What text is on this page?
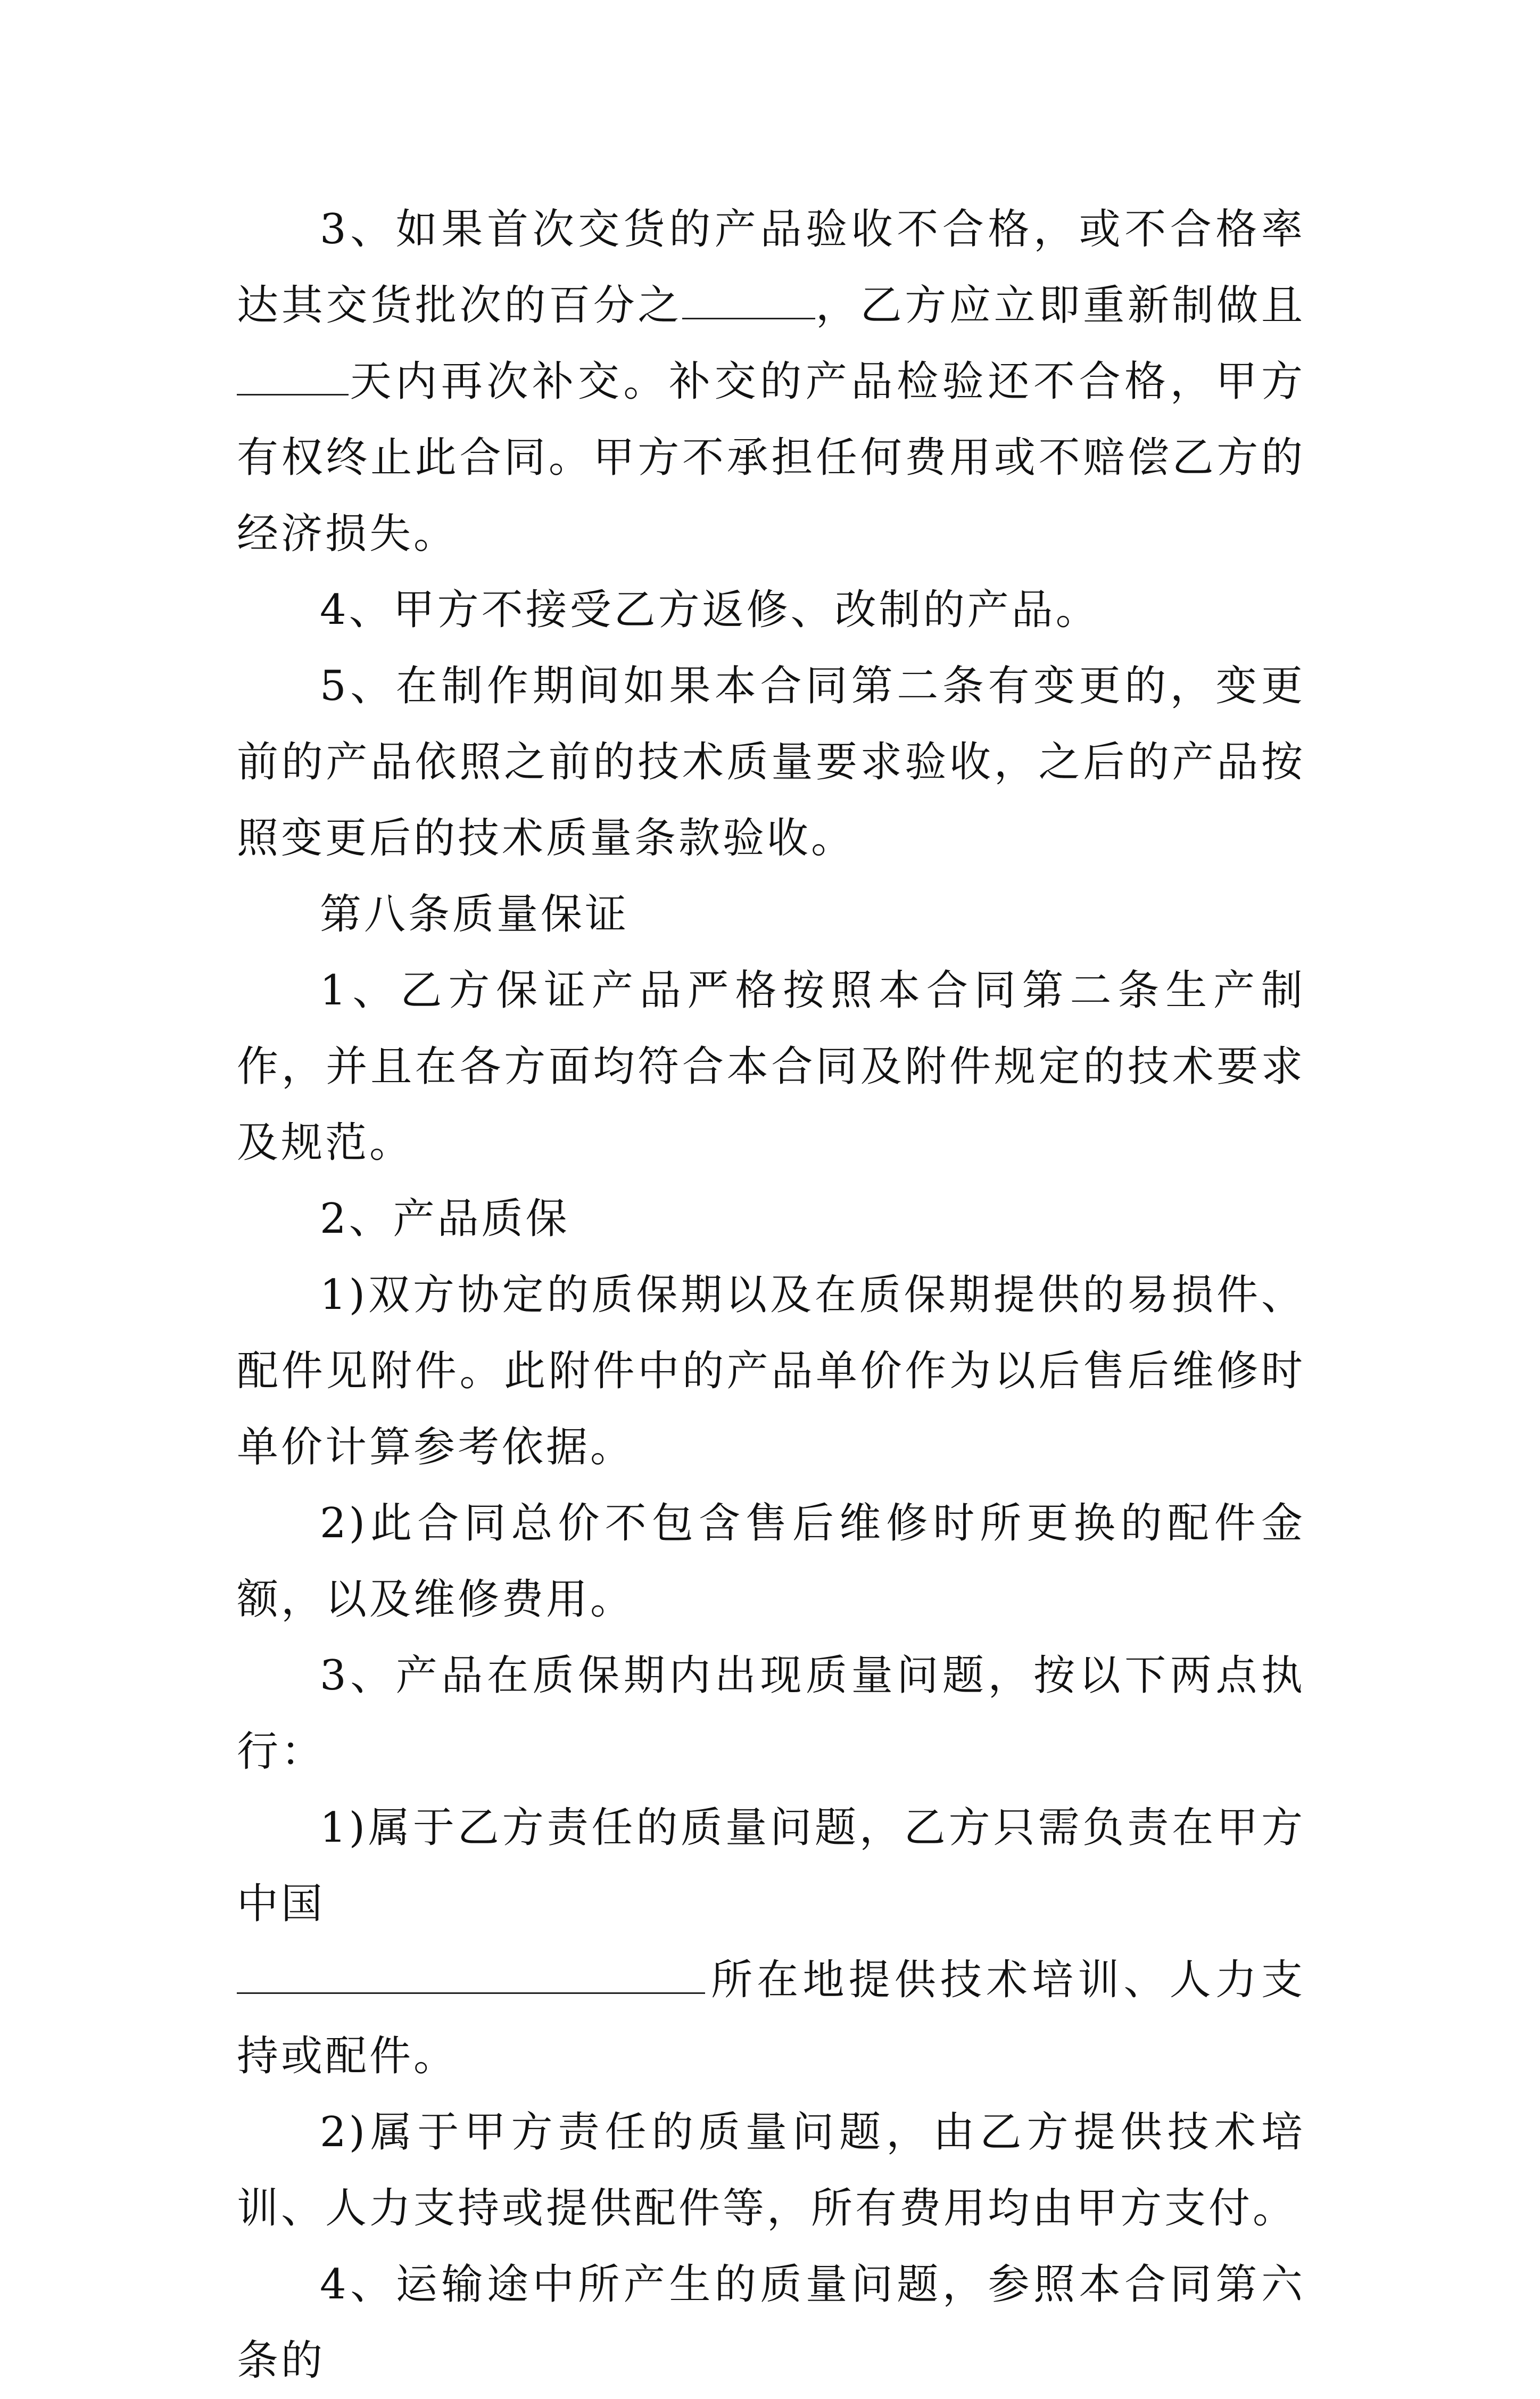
3、如果首次交货的产品验收不合格，或不合格率达其交货批次的百分之	，乙方应立即重新制做且天内再次补交。补交的产品检验还不合格，甲方有权终止此合同。甲方不承担任何费用或不赔偿乙方的经济损失。

4、甲方不接受乙方返修、改制的产品。

5、在制作期间如果本合同第二条有变更的，变更前的产品依照之前的技术质量要求验收，之后的产品按照变更后的技术质量条款验收。

第八条质量保证

1、乙方保证产品严格按照本合同第二条生产制作，并且在各方面均符合本合同及附件规定的技术要求及规范。

2、产品质保

1)双方协定的质保期以及在质保期提供的易损件、配件见附件。此附件中的产品单价作为以后售后维修时单价计算参考依据。

2)此合同总价不包含售后维修时所更换的配件金额，以及维修费用。

3、产品在质保期内出现质量问题，按以下两点执行：

1)属于乙方责任的质量问题，乙方只需负责在甲方中国
所在地提供技术培训、人力支持或配件。

2)属于甲方责任的质量问题，由乙方提供技术培训、人力支持或提供配件等，所有费用均由甲方支付。

4、运输途中所产生的质量问题，参照本合同第六条的
